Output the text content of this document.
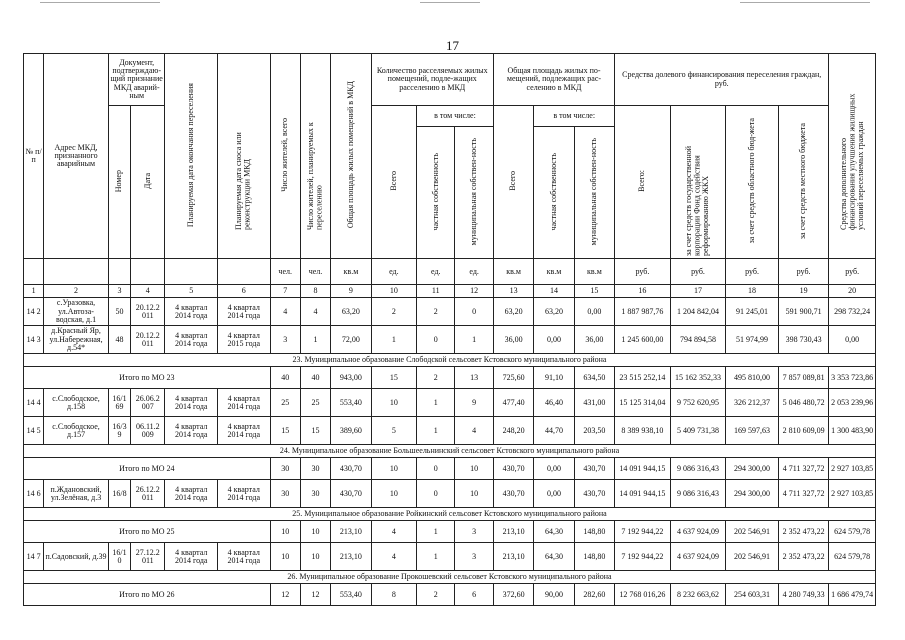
17
№ п/ п	Адрес МКД, признанного аварийным	Документ, подтверждаю-щий признание МКД аварий-ным		Планируемая дата окончания переселения	Планируемая дата сноса или реконструкции МКД	Число жителей, всего	Число жителей, планируемых к переселению	Общая площадь жилых помещений в МКД	Количество расселяемых жилых помещений, подле-жащих расселению в МКД			Общая площадь жилых по-мещений, подлежащих рас-селению в МКД			Средства долевого финансирования переселения граждан, руб.				Средства дополнительного финансирования улучшения жилищных условий переселяемых граждан
		Номер	Дата						Всего	в том числе:		Всего	в том числе:		Всего:	за счет средств государственной корпорации Фонд содействия реформированию ЖКХ	за счет средств областного бюд-жета	за счет средств местного бюджета	
										частная собственность	муниципальная собствен-ность		частная собственность	муниципальная собствен-ность					
						чел.	чел.	кв.м	ед.	ед.	ед.	кв.м	кв.м	кв.м	руб.	руб.	руб.	руб.	руб.
1	2	3	4	5	6	7	8	9	10	11	12	13	14	15	16	17	18	19	20
14 2	с.Уразовка, ул.Автоза-водская, д.1	50	20.12.2 011	4 квартал 2014 года	4 квартал 2014 года	4	4	63,20	2	2	0	63,20	63,20	0,00	1 887 987,76	1 204 842,04	91 245,01	591 900,71	298 732,24
14 3	д.Красный Яр, ул.Набережная, д.54*	48	20.12.2 011	4 квартал 2014 года	4 квартал 2015 года	3	1	72,00	1	0	1	36,00	0,00	36,00	1 245 600,00	794 894,58	51 974,99	398 730,43	0,00
23. Муниципальное образование Слободской сельсовет Кстовского муниципального района																			
Итого по МО 23						40	40	943,00	15	2	13	725,60	91,10	634,50	23 515 252,14	15 162 352,33	495 810,00	7 857 089,81	3 353 723,86
14 4	с.Слободское, д.158	16/1 69	26.06.2 007	4 квартал 2014 года	4 квартал 2014 года	25	25	553,40	10	1	9	477,40	46,40	431,00	15 125 314,04	9 752 620,95	326 212,37	5 046 480,72	2 053 239,96
14 5	с.Слободское, д.157	16/3 9	06.11.2 009	4 квартал 2014 года	4 квартал 2014 года	15	15	389,60	5	1	4	248,20	44,70	203,50	8 389 938,10	5 409 731,38	169 597,63	2 810 609,09	1 300 483,90
24. Муниципальное образование Большеельнинский сельсовет Кстовского муниципального района																			
Итого по МО 24						30	30	430,70	10	0	10	430,70	0,00	430,70	14 091 944,15	9 086 316,43	294 300,00	4 711 327,72	2 927 103,85
14 6	п.Ждановский, ул.Зелёная, д.3	16/8	26.12.2 011	4 квартал 2014 года	4 квартал 2014 года	30	30	430,70	10	0	10	430,70	0,00	430,70	14 091 944,15	9 086 316,43	294 300,00	4 711 327,72	2 927 103,85
25. Муниципальное образование Ройкинский сельсовет Кстовского муниципального района																			
Итого по МО 25						10	10	213,10	4	1	3	213,10	64,30	148,80	7 192 944,22	4 637 924,09	202 546,91	2 352 473,22	624 579,78
14 7	п.Садовский, д.39	16/1 0	27.12.2 011	4 квартал 2014 года	4 квартал 2014 года	10	10	213,10	4	1	3	213,10	64,30	148,80	7 192 944,22	4 637 924,09	202 546,91	2 352 473,22	624 579,78
26. Муниципальное образование Прокошевский сельсовет Кстовского муниципального района																			
Итого по МО 26						12	12	553,40	8	2	6	372,60	90,00	282,60	12 768 016,26	8 232 663,62	254 603,31	4 280 749,33	1 686 479,74
